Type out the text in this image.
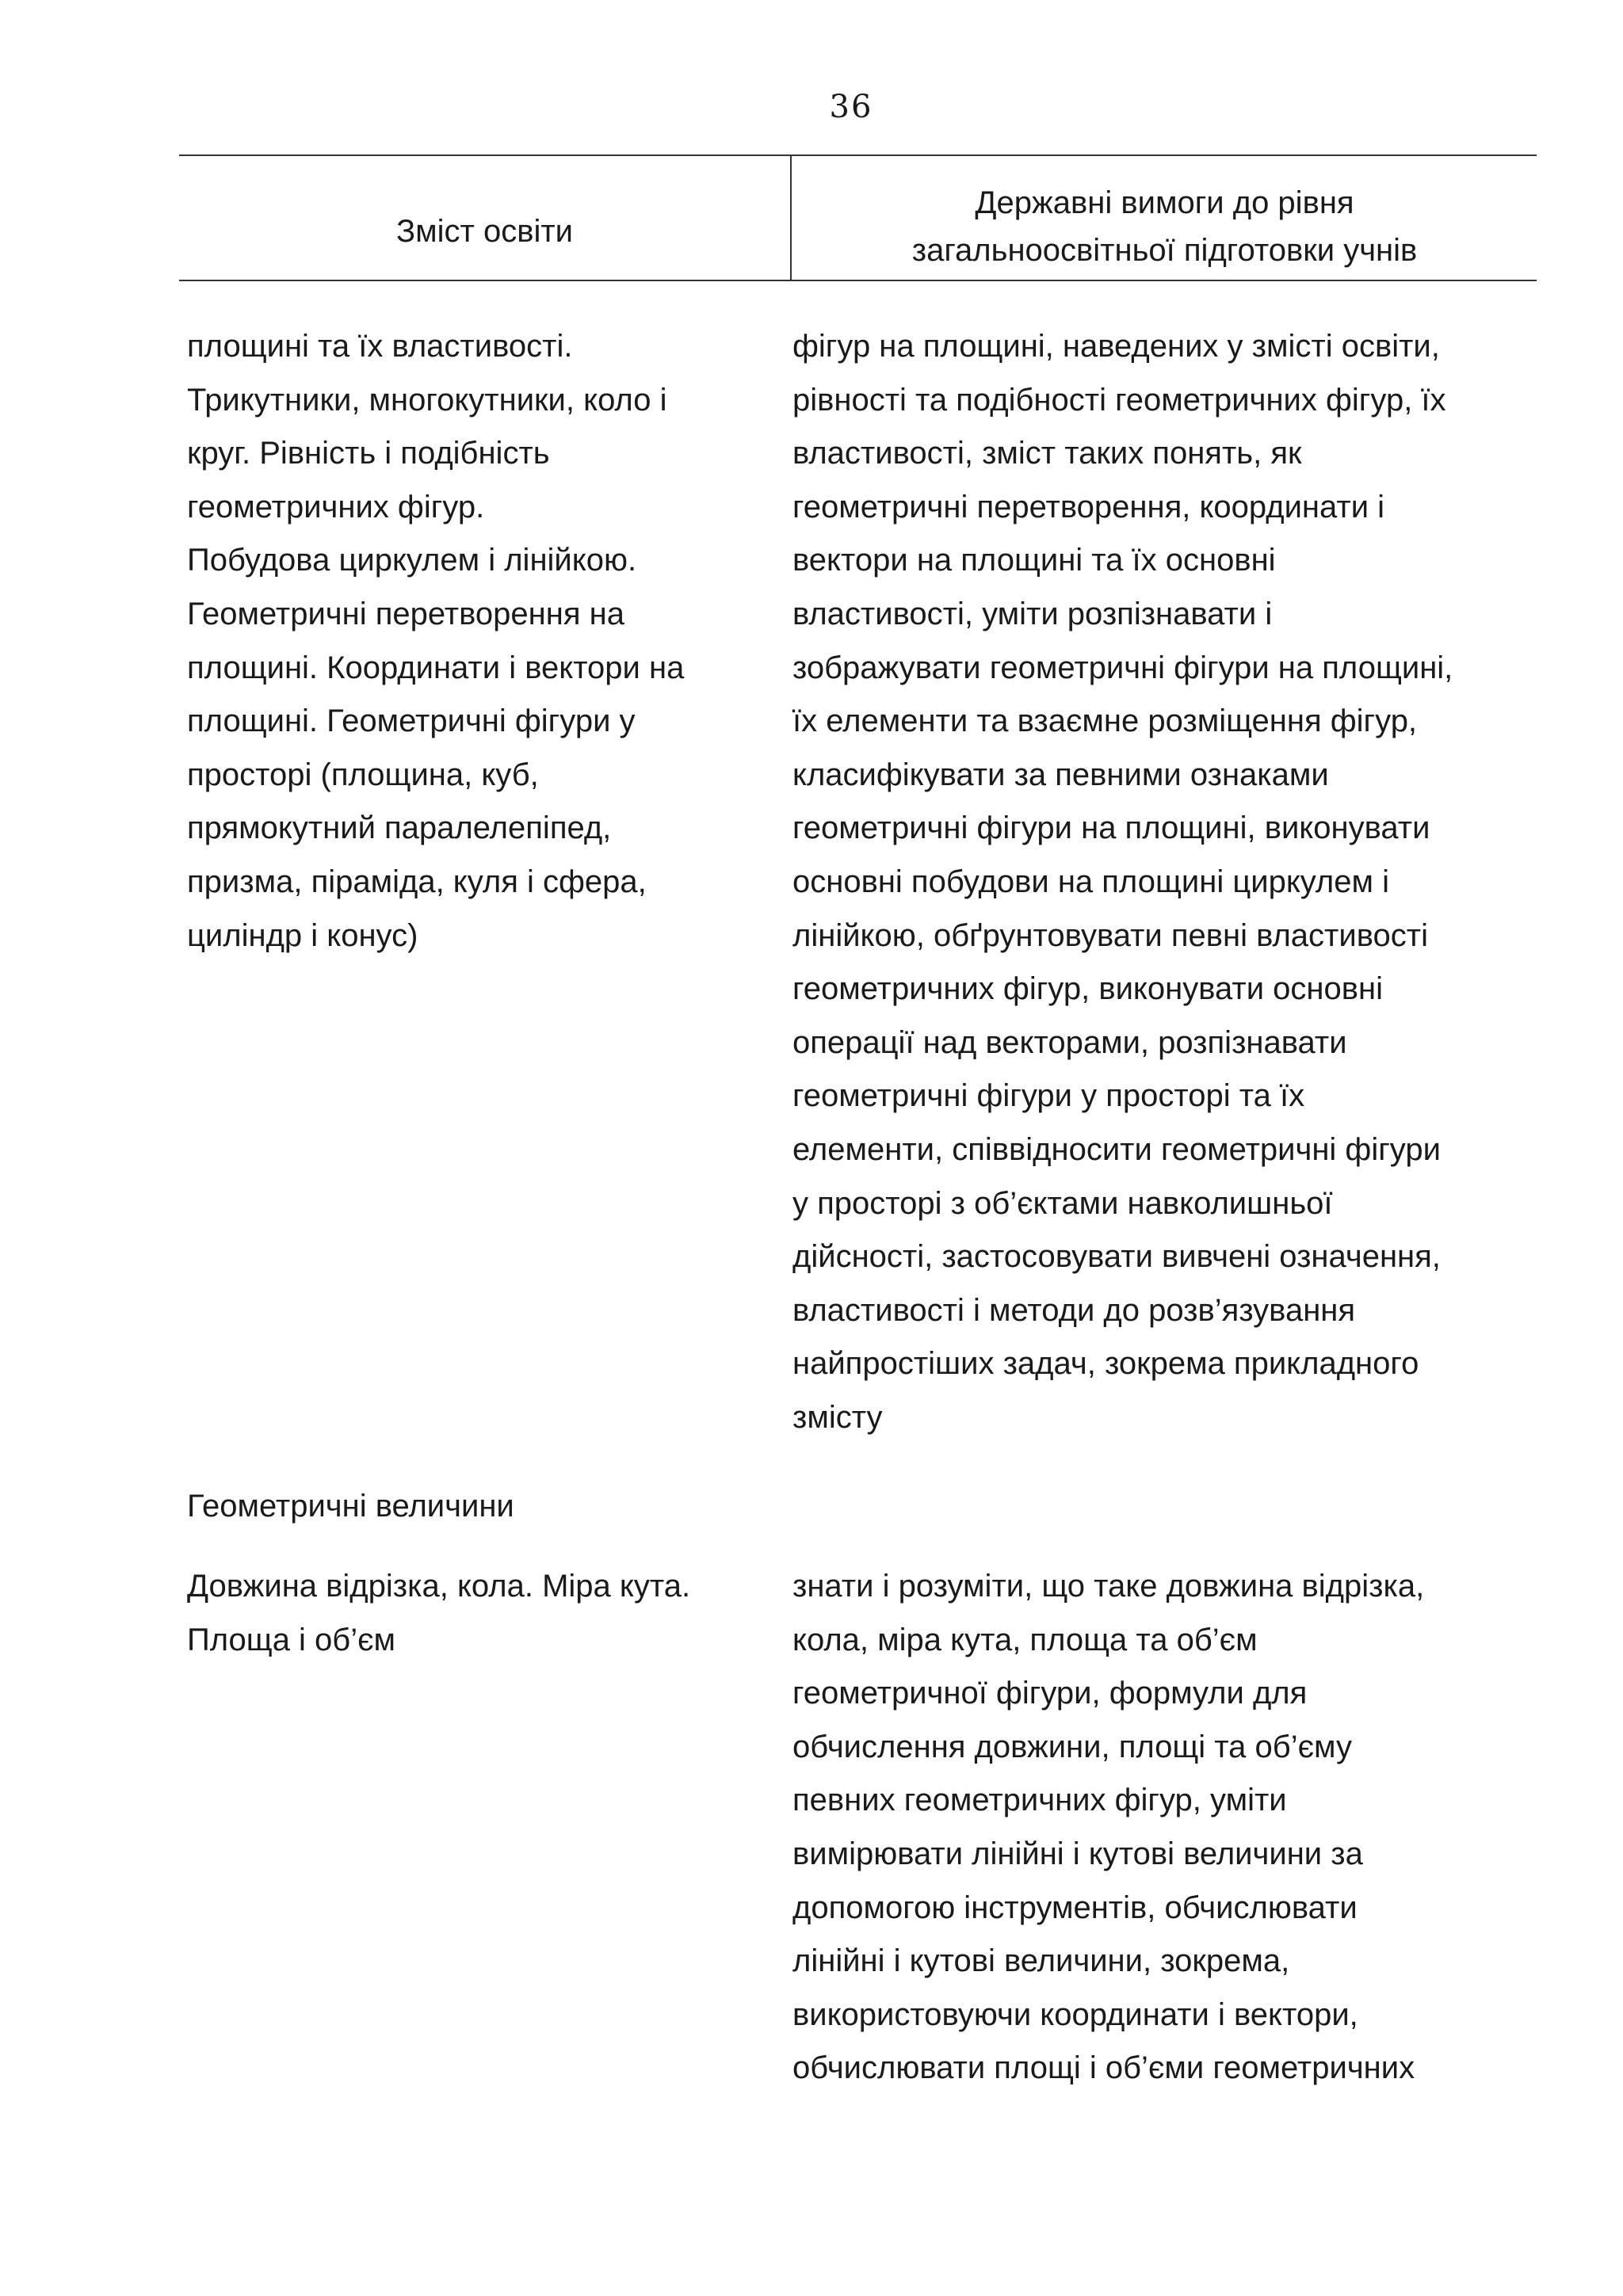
36
Зміст освіти
Державні вимоги до рівня
загальноосвітньої підготовки учнів
площині та їх властивості.
Трикутники, многокутники, коло і
круг. Рівність і подібність
геометричних фігур.
Побудова циркулем і лінійкою.
Геометричні перетворення на
площині. Координати і вектори на
площині. Геометричні фігури у
просторі (площина, куб,
прямокутний паралелепіпед,
призма, піраміда, куля і сфера,
циліндр і конус)
фігур на площині, наведених у змісті освіти,
рівності та подібності геометричних фігур, їх
властивості, зміст таких понять, як
геометричні перетворення, координати і
вектори на площині та їх основні
властивості, уміти розпізнавати і
зображувати геометричні фігури на площині,
їх елементи та взаємне розміщення фігур,
класифікувати за певними ознаками
геометричні фігури на площині, виконувати
основні побудови на площині циркулем і
лінійкою, обґрунтовувати певні властивості
геометричних фігур, виконувати основні
операції над векторами, розпізнавати
геометричні фігури у просторі та їх
елементи, співвідносити геометричні фігури
у просторі з об’єктами навколишньої
дійсності, застосовувати вивчені означення,
властивості і методи до розв’язування
найпростіших задач, зокрема прикладного
змісту
Геометричні величини
Довжина відрізка, кола. Міра кута.
Площа і об’єм
знати і розуміти, що таке довжина відрізка,
кола, міра кута, площа та об’єм
геометричної фігури, формули для
обчислення довжини, площі та об’єму
певних геометричних фігур, уміти
вимірювати лінійні і кутові величини за
допомогою інструментів, обчислювати
лінійні і кутові величини, зокрема,
використовуючи координати і вектори,
обчислювати площі і об’єми геометричних
